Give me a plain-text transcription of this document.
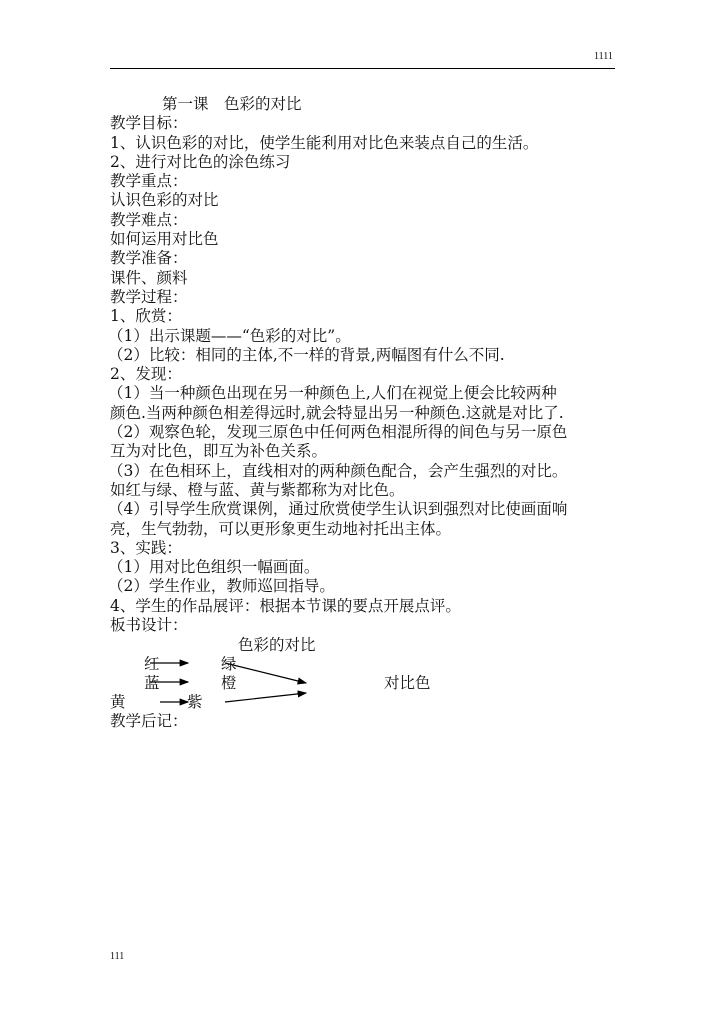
1111
第一课　色彩的对比
教学目标：
1、认识色彩的对比，使学生能利用对比色来装点自己的生活。
2、进行对比色的涂色练习
教学重点：
认识色彩的对比
教学难点：
如何运用对比色
教学准备：
课件、颜料
教学过程：
1、欣赏：
（1）出示课题——“色彩的对比”。
（2）比较：相同的主体,不一样的背景,两幅图有什么不同.
2、发现：
（1）当一种颜色出现在另一种颜色上,人们在视觉上便会比较两种
颜色.当两种颜色相差得远时,就会特显出另一种颜色.这就是对比了.
（2）观察色轮，发现三原色中任何两色相混所得的间色与另一原色
互为对比色，即互为补色关系。
（3）在色相环上，直线相对的两种颜色配合，会产生强烈的对比。
如红与绿、橙与蓝、黄与紫都称为对比色。
（4）引导学生欣赏课例，通过欣赏使学生认识到强烈对比使画面响
亮，生气勃勃，可以更形象更生动地衬托出主体。
3、实践：
（1）用对比色组织一幅画面。
（2）学生作业，教师巡回指导。
4、学生的作品展评：根据本节课的要点开展点评。
板书设计：
色彩的对比
红
蓝
黄
绿
橙
紫
对比色
教学后记：
111
